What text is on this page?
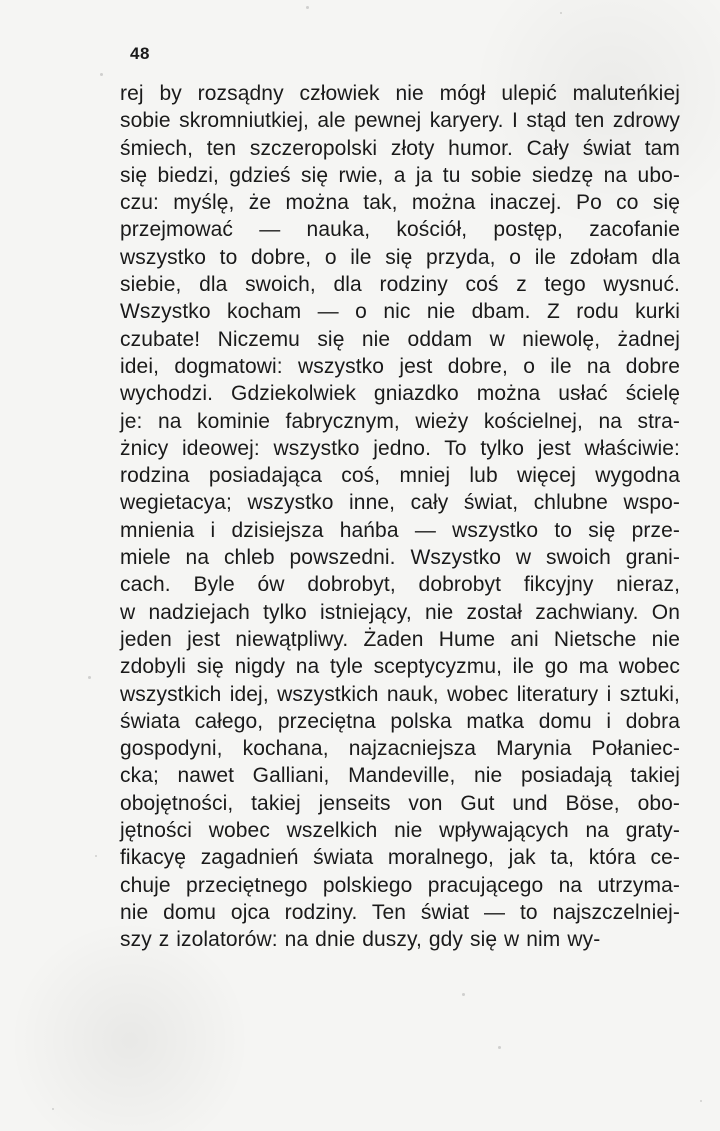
48
rej by rozsądny człowiek nie mógł ulepić maluteńkiej
sobie skromniutkiej, ale pewnej karyery. I stąd ten zdrowy
śmiech, ten szczeropolski złoty humor. Cały świat tam
się biedzi, gdzieś się rwie, a ja tu sobie siedzę na ubo-
czu: myślę, że można tak, można inaczej. Po co się
przejmować — nauka, kościół, postęp, zacofanie
wszystko to dobre, o ile się przyda, o ile zdołam dla
siebie, dla swoich, dla rodziny coś z tego wysnuć.
Wszystko kocham — o nic nie dbam. Z rodu kurki
czubate! Niczemu się nie oddam w niewolę, żadnej
idei, dogmatowi: wszystko jest dobre, o ile na dobre
wychodzi. Gdziekolwiek gniazdko można usłać ścielę
je: na kominie fabrycznym, wieży kościelnej, na stra-
żnicy ideowej: wszystko jedno. To tylko jest właściwie:
rodzina posiadająca coś, mniej lub więcej wygodna
wegietacya; wszystko inne, cały świat, chlubne wspo-
mnienia i dzisiejsza hańba — wszystko to się prze-
miele na chleb powszedni. Wszystko w swoich grani-
cach. Byle ów dobrobyt, dobrobyt fikcyjny nieraz,
w nadziejach tylko istniejący, nie został zachwiany. On
jeden jest niewątpliwy. Żaden Hume ani Nietsche nie
zdobyli się nigdy na tyle sceptycyzmu, ile go ma wobec
wszystkich idej, wszystkich nauk, wobec literatury i sztuki,
świata całego, przeciętna polska matka domu i dobra
gospodyni, kochana, najzacniejsza Marynia Połaniec-
cka; nawet Galliani, Mandeville, nie posiadają takiej
obojętności, takiej jenseits von Gut und Böse, obo-
jętności wobec wszelkich nie wpływających na graty-
fikacyę zagadnień świata moralnego, jak ta, która ce-
chuje przeciętnego polskiego pracującego na utrzyma-
nie domu ojca rodziny. Ten świat — to najszczelniej-
szy z izolatorów: na dnie duszy, gdy się w nim wy-
